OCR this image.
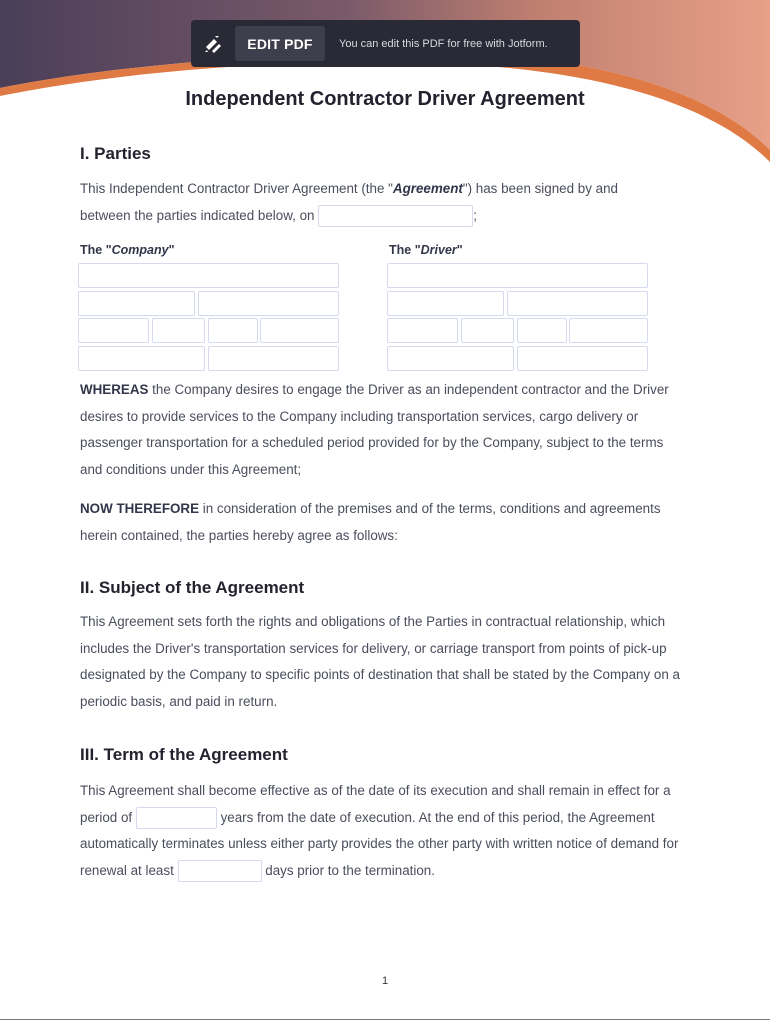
EDIT PDF	You can edit this PDF for free with Jotform.
Independent Contractor Driver Agreement
I. Parties
This Independent Contractor Driver Agreement (the "Agreement") has been signed by and
between the parties indicated below, on	;
The "Company"	The "Driver"
WHEREAS the Company desires to engage the Driver as an independent contractor and the Driver desires to provide services to the Company including transportation services, cargo delivery or passenger transportation for a scheduled period provided for by the Company, subject to the terms and conditions under this Agreement;
NOW THEREFORE in consideration of the premises and of the terms, conditions and agreements herein contained, the parties hereby agree as follows:
II. Subject of the Agreement
This Agreement sets forth the rights and obligations of the Parties in contractual relationship, which includes the Driver's transportation services for delivery, or carriage transport from points of pick-up designated by the Company to specific points of destination that shall be stated by the Company on a periodic basis, and paid in return.
III. Term of the Agreement
This Agreement shall become effective as of the date of its execution and shall remain in effect for a period of	years from the date of execution. At the end of this period, the Agreement automatically terminates unless either party provides the other party with written notice of demand for renewal at least	days prior to the termination.
1
